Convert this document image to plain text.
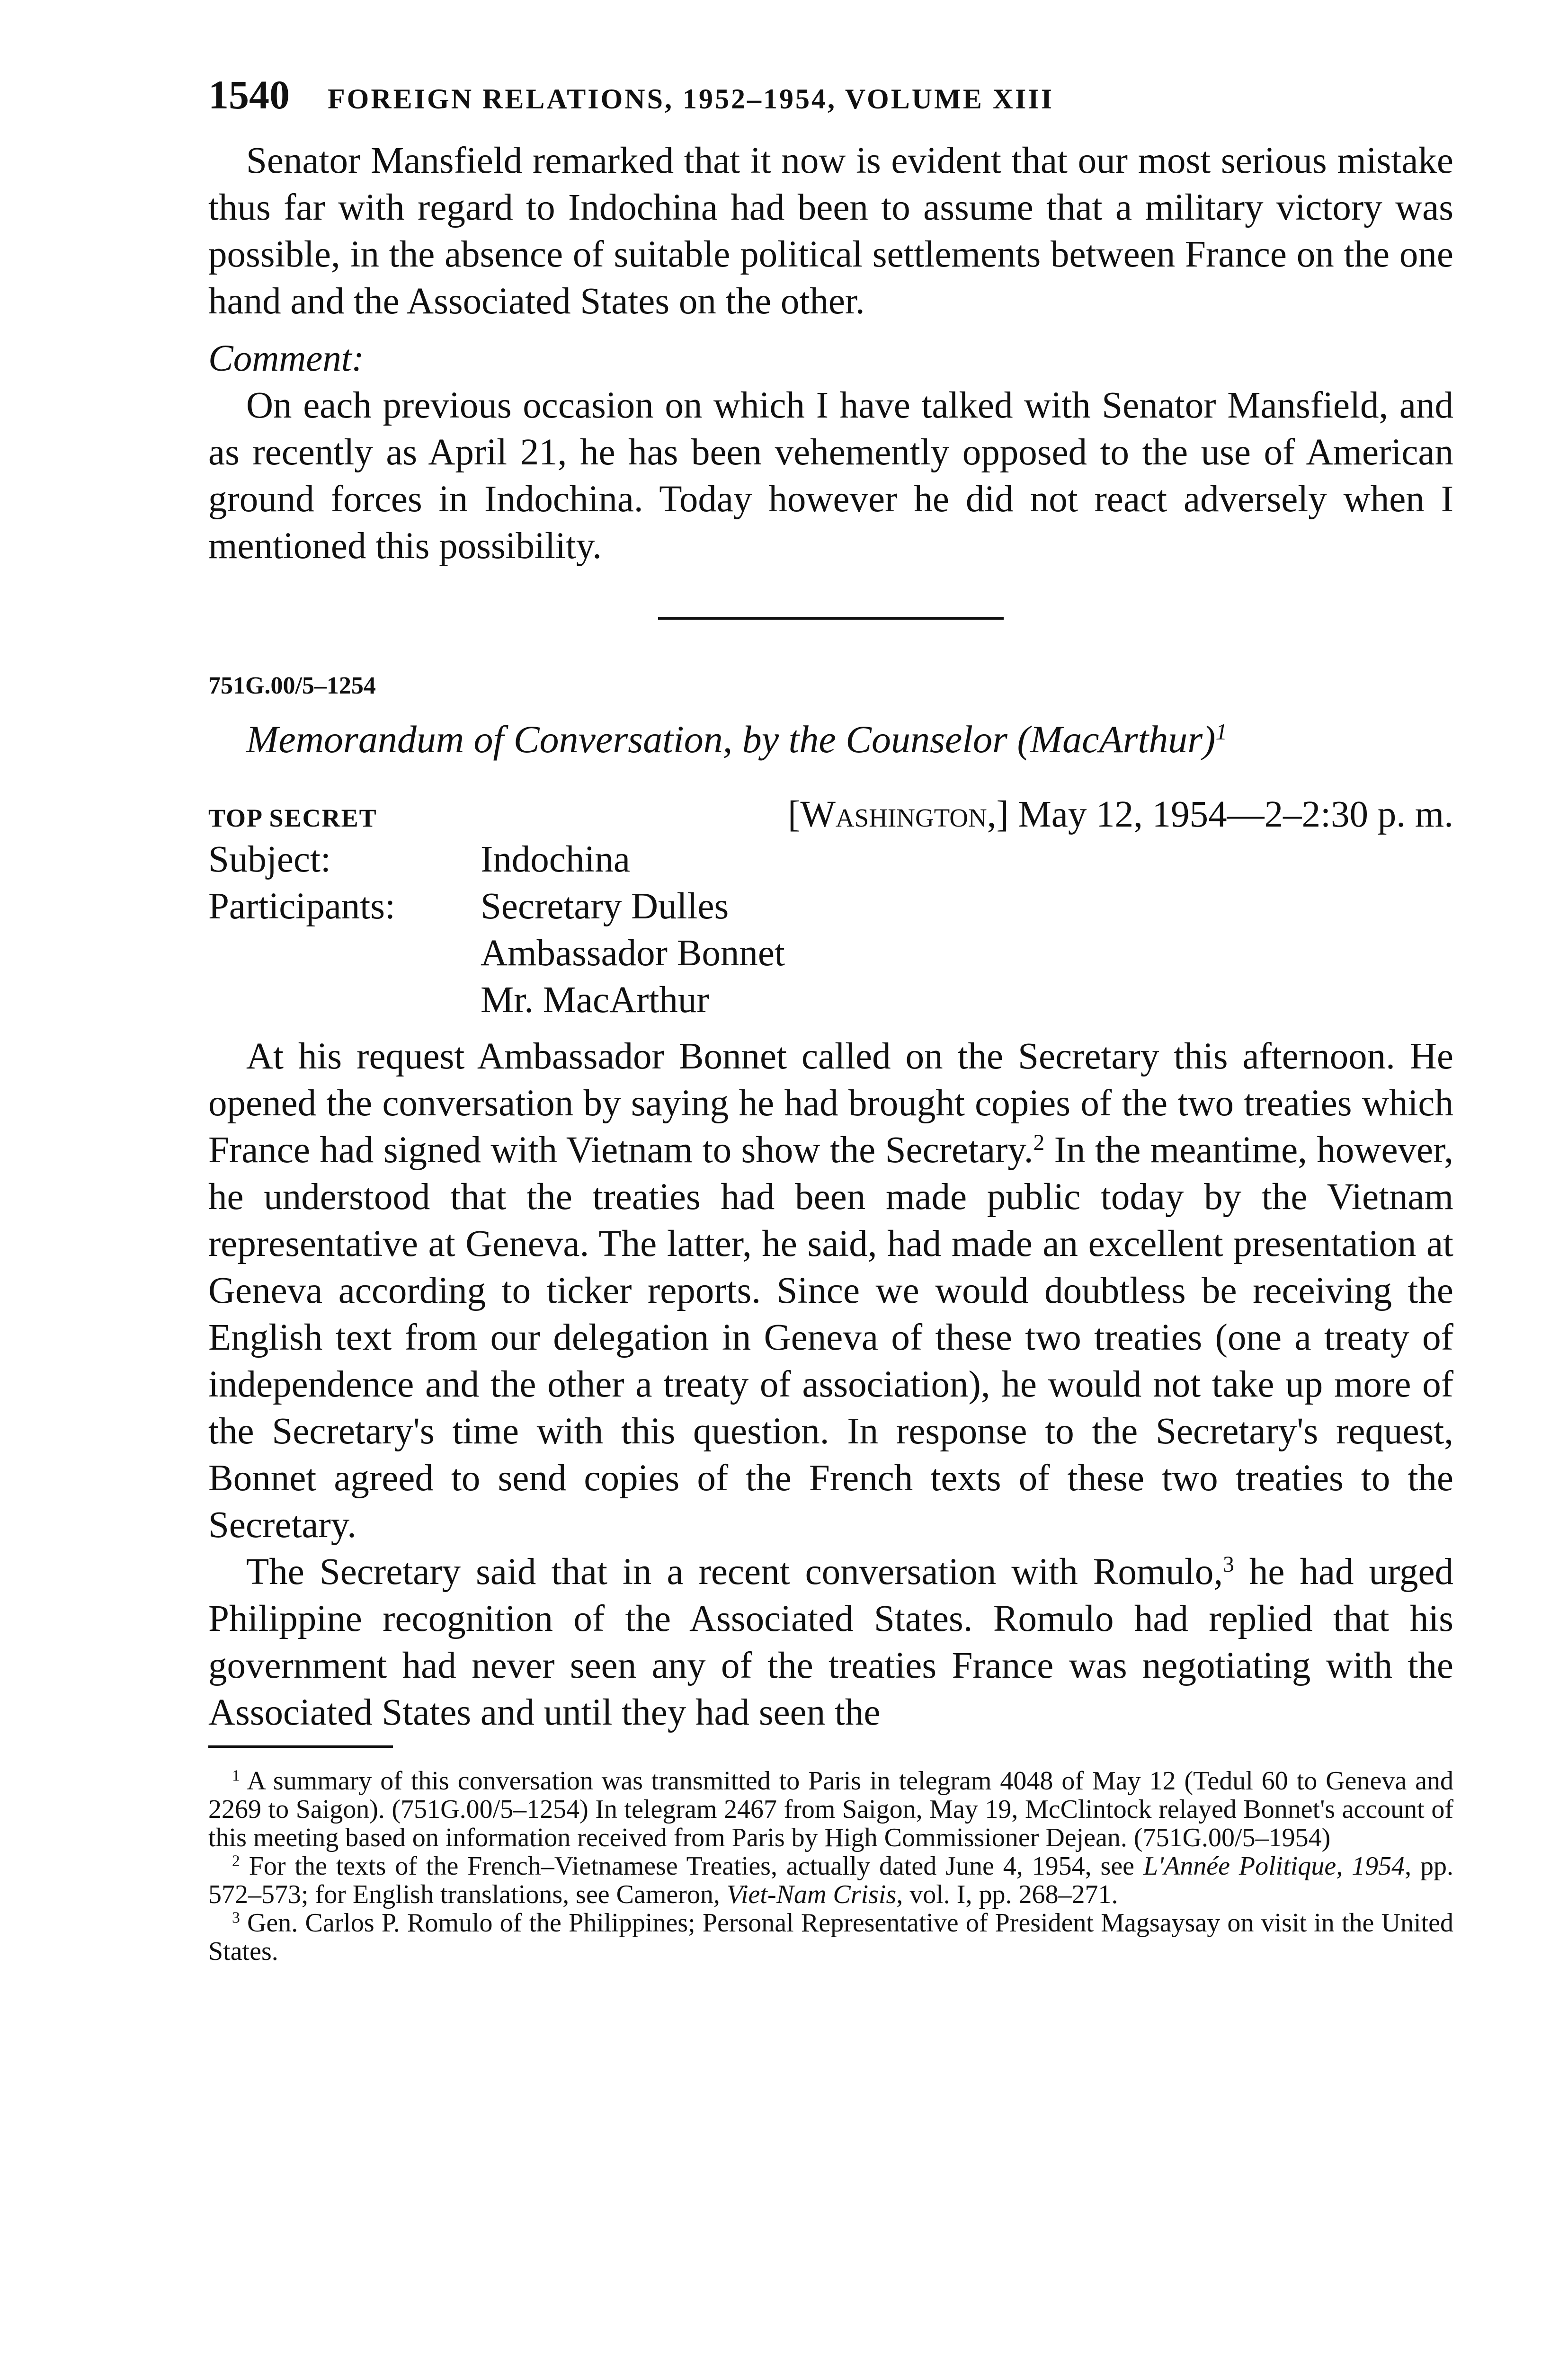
1540 FOREIGN RELATIONS, 1952–1954, VOLUME XIII

Senator Mansfield remarked that it now is evident that our most serious mistake thus far with regard to Indochina had been to assume that a military victory was possible, in the absence of suitable political settlements between France on the one hand and the Associated States on the other.

Comment:

On each previous occasion on which I have talked with Senator Mansfield, and as recently as April 21, he has been vehemently opposed to the use of American ground forces in Indochina. Today however he did not react adversely when I mentioned this possibility.

751G.00/5–1254
Memorandum of Conversation, by the Counselor (MacArthur)$^1$
TOP SECRET	[Washington,] May 12, 1954—2–2:30 p. m.
Subject:	Indochina
Participants:	Secretary Dulles
Ambassador Bonnet
Mr. MacArthur

At his request Ambassador Bonnet called on the Secretary this afternoon. He opened the conversation by saying he had brought copies of the two treaties which France had signed with Vietnam to show the Secretary.$^2$ In the meantime, however, he understood that the treaties had been made public today by the Vietnam representative at Geneva. The latter, he said, had made an excellent presentation at Geneva according to ticker reports. Since we would doubtless be receiving the English text from our delegation in Geneva of these two treaties (one a treaty of independence and the other a treaty of association), he would not take up more of the Secretary's time with this question. In response to the Secretary's request, Bonnet agreed to send copies of the French texts of these two treaties to the Secretary.

The Secretary said that in a recent conversation with Romulo,$^3$ he had urged Philippine recognition of the Associated States. Romulo had replied that his government had never seen any of the treaties France was negotiating with the Associated States and until they had seen the

$^1$ A summary of this conversation was transmitted to Paris in telegram 4048 of May 12 (Tedul 60 to Geneva and 2269 to Saigon). (751G.00/5–1254) In telegram 2467 from Saigon, May 19, McClintock relayed Bonnet's account of this meeting based on information received from Paris by High Commissioner Dejean. (751G.00/5–1954)

$^2$ For the texts of the French–Vietnamese Treaties, actually dated June 4, 1954, see L'Année Politique, 1954, pp. 572–573; for English translations, see Cameron, Viet-Nam Crisis, vol. I, pp. 268–271.

$^3$ Gen. Carlos P. Romulo of the Philippines; Personal Representative of President Magsaysay on visit in the United States.
